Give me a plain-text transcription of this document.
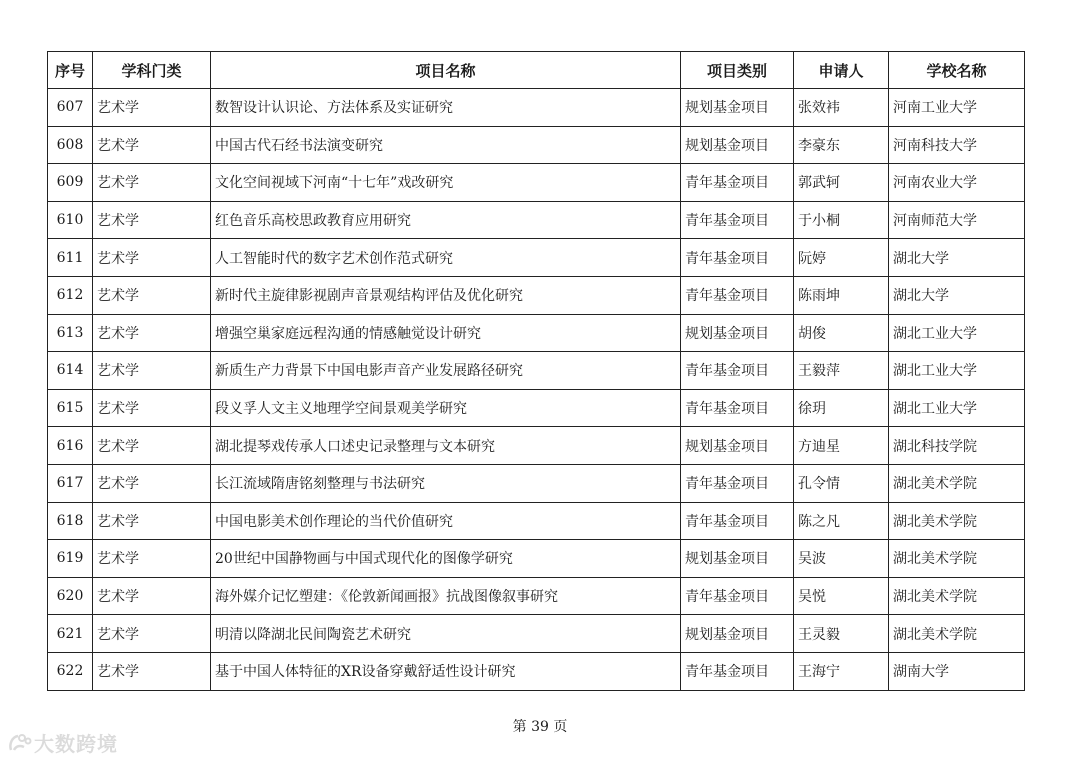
序号	学科门类	项目名称	项目类别	申请人	学校名称
607	艺术学	数智设计认识论、方法体系及实证研究	规划基金项目	张效袆	河南工业大学
608	艺术学	中国古代石经书法演变研究	规划基金项目	李豪东	河南科技大学
609	艺术学	文化空间视域下河南“十七年”戏改研究	青年基金项目	郭武轲	河南农业大学
610	艺术学	红色音乐高校思政教育应用研究	青年基金项目	于小桐	河南师范大学
611	艺术学	人工智能时代的数字艺术创作范式研究	青年基金项目	阮婷	湖北大学
612	艺术学	新时代主旋律影视剧声音景观结构评估及优化研究	青年基金项目	陈雨坤	湖北大学
613	艺术学	增强空巢家庭远程沟通的情感触觉设计研究	规划基金项目	胡俊	湖北工业大学
614	艺术学	新质生产力背景下中国电影声音产业发展路径研究	青年基金项目	王毅萍	湖北工业大学
615	艺术学	段义孚人文主义地理学空间景观美学研究	青年基金项目	徐玥	湖北工业大学
616	艺术学	湖北提琴戏传承人口述史记录整理与文本研究	规划基金项目	方迪星	湖北科技学院
617	艺术学	长江流域隋唐铭刻整理与书法研究	青年基金项目	孔令情	湖北美术学院
618	艺术学	中国电影美术创作理论的当代价值研究	青年基金项目	陈之凡	湖北美术学院
619	艺术学	20世纪中国静物画与中国式现代化的图像学研究	规划基金项目	吴波	湖北美术学院
620	艺术学	海外媒介记忆塑建：《伦敦新闻画报》抗战图像叙事研究	青年基金项目	吴悦	湖北美术学院
621	艺术学	明清以降湖北民间陶瓷艺术研究	规划基金项目	王灵毅	湖北美术学院
622	艺术学	基于中国人体特征的XR设备穿戴舒适性设计研究	青年基金项目	王海宁	湖南大学
第 39 页
大数跨境
